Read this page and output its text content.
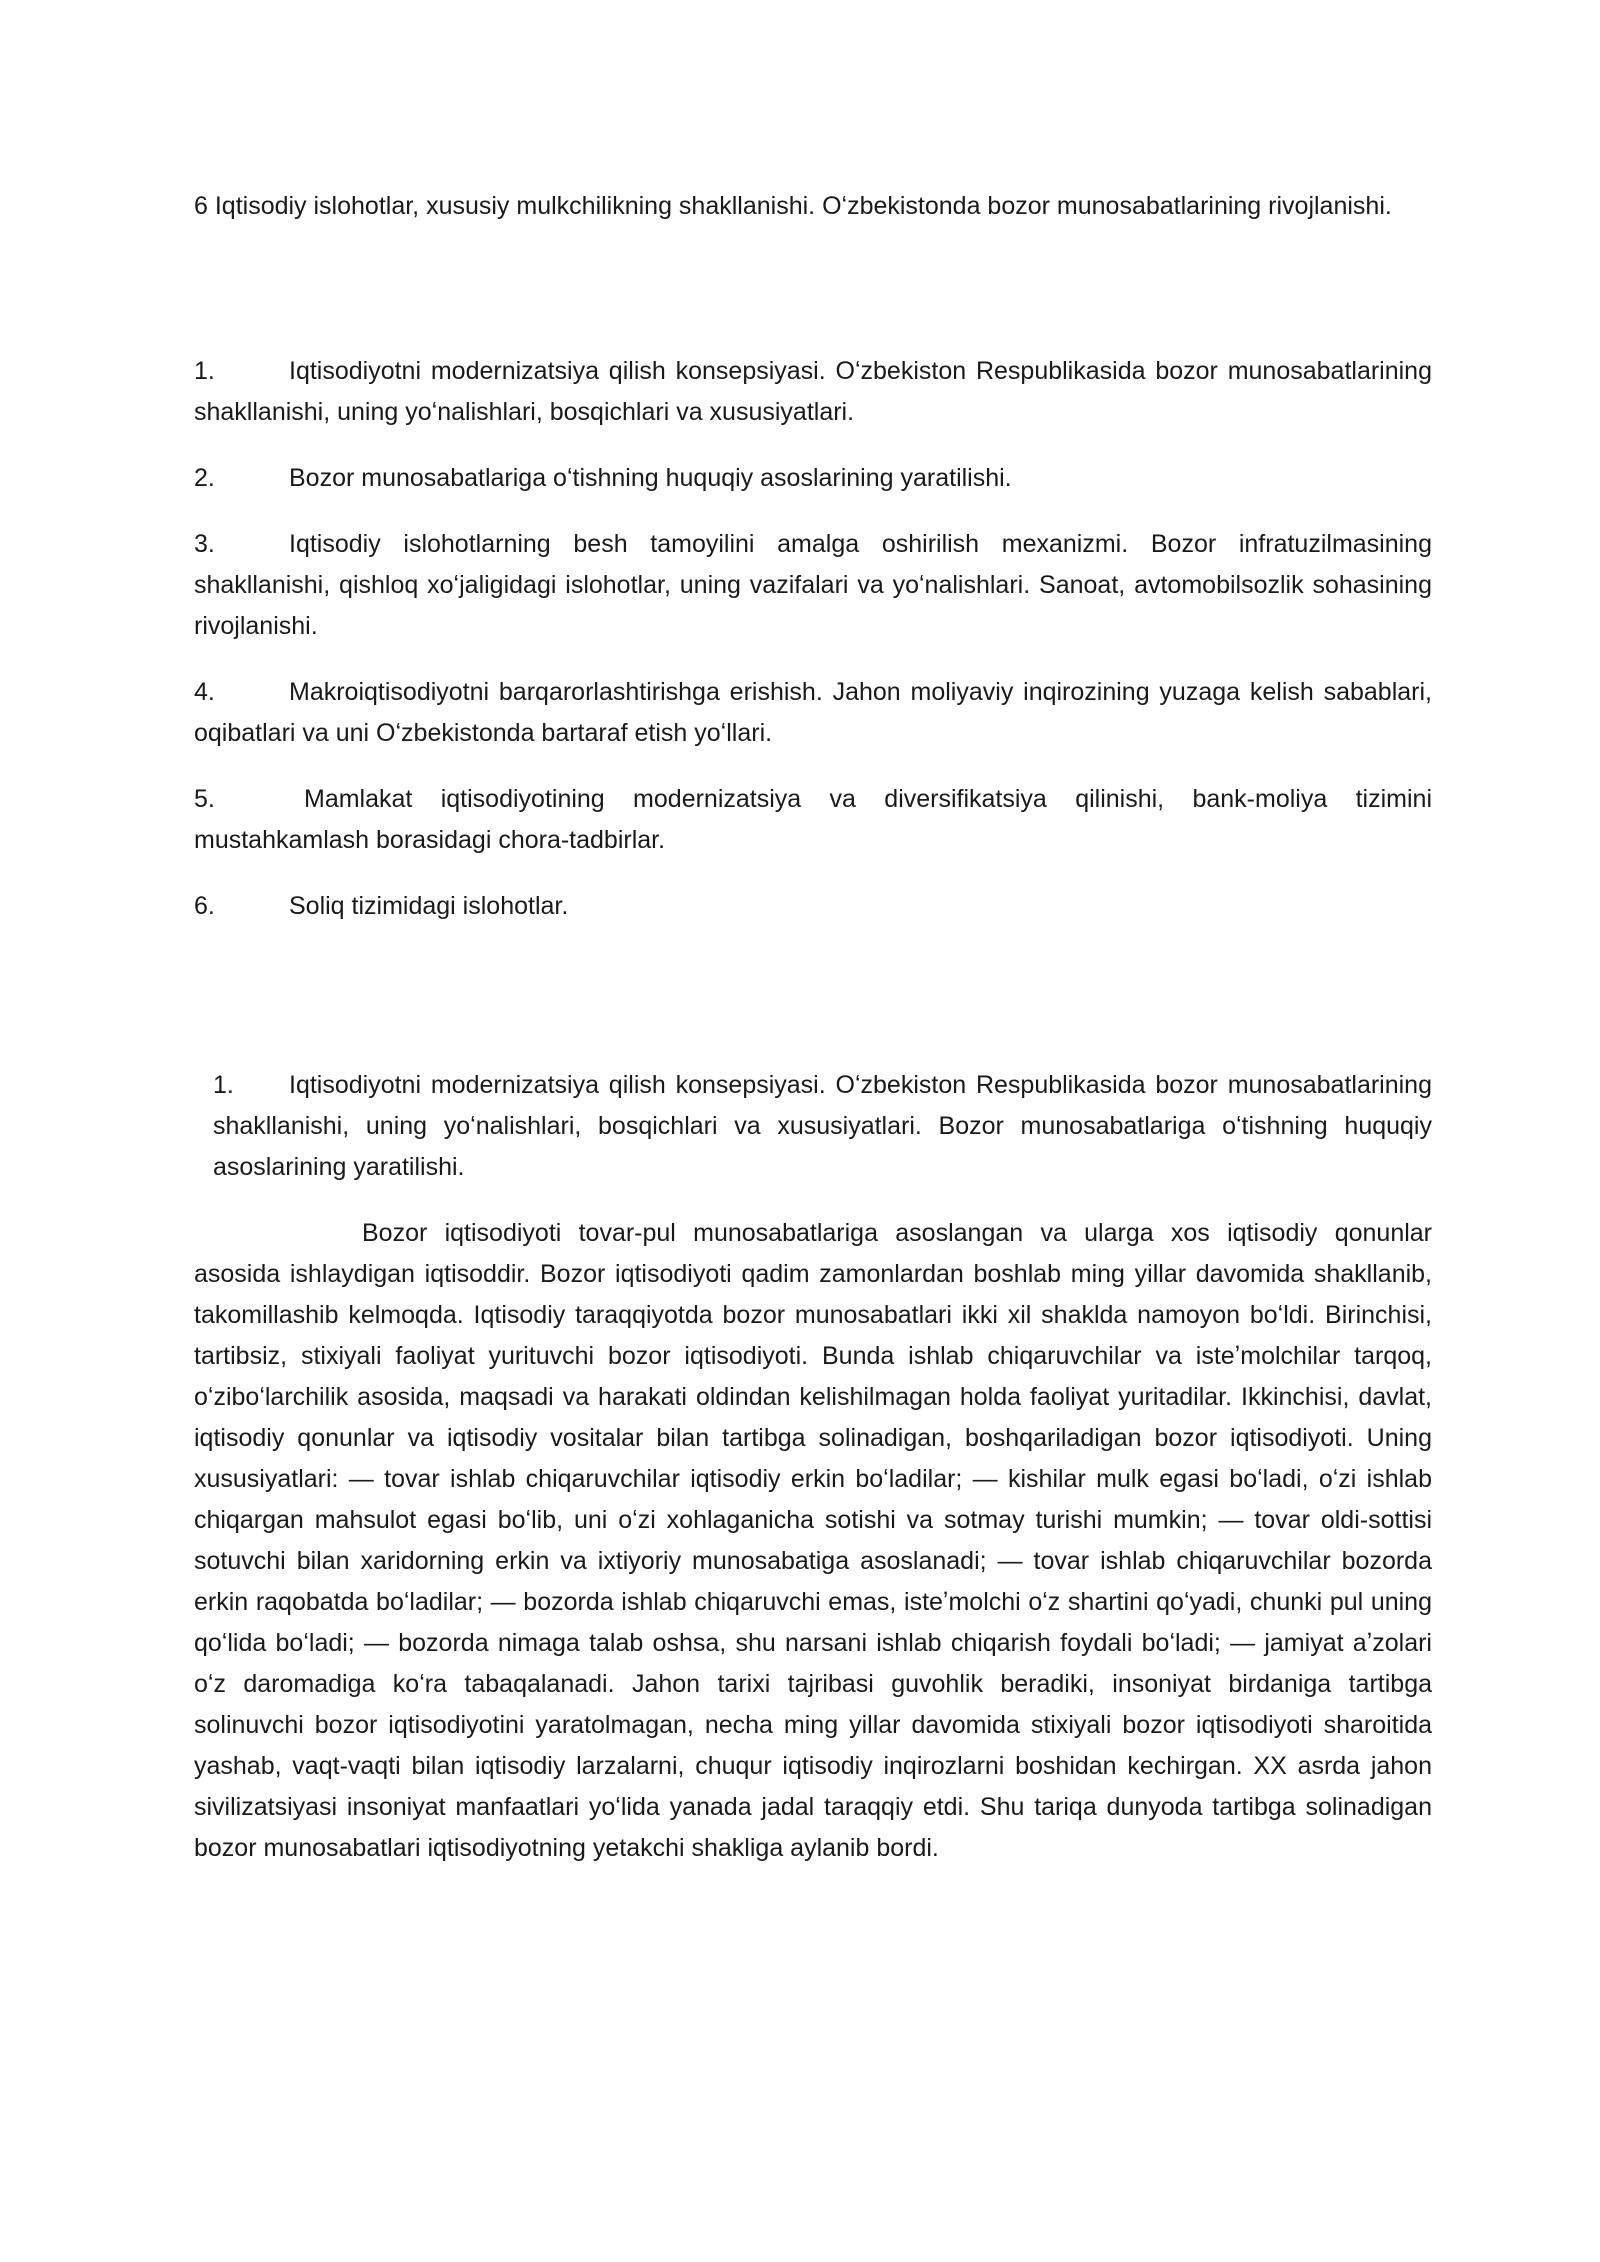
6 Iqtisodiy islohotlar, xususiy mulkchilikning shakllanishi. Oʻzbekistonda bozor munosabatlarining rivojlanishi.

1.	Iqtisodiyotni modernizatsiya qilish konsepsiyasi. Oʻzbekiston Respublikasida bozor munosabatlarining shakllanishi, uning yoʻnalishlari, bosqichlari va xususiyatlari.

2.	Bozor munosabatlariga oʻtishning huquqiy asoslarining yaratilishi.

3.	Iqtisodiy islohotlarning besh tamoyilini amalga oshirilish mexanizmi. Bozor infratuzilmasining shakllanishi, qishloq xoʻjaligidagi islohotlar, uning vazifalari va yoʻnalishlari. Sanoat, avtomobilsozlik sohasining rivojlanishi.

4.	Makroiqtisodiyotni barqarorlashtirishga erishish. Jahon moliyaviy inqirozining yuzaga kelish sabablari, oqibatlari va uni Oʻzbekistonda bartaraf etish yoʻllari.

5.	Mamlakat iqtisodiyotining modernizatsiya va diversifikatsiya qilinishi, bank-moliya tizimini mustahkamlash borasidagi chora-tadbirlar.

6.	Soliq tizimidagi islohotlar.

1. Iqtisodiyotni modernizatsiya qilish konsepsiyasi. Oʻzbekiston Respublikasida bozor munosabatlarining shakllanishi, uning yoʻnalishlari, bosqichlari va xususiyatlari. Bozor munosabatlariga oʻtishning huquqiy asoslarining yaratilishi.

Bozor iqtisodiyoti tovar-pul munosabatlariga asoslangan va ularga xos iqtisodiy qonunlar asosida ishlaydigan iqtisoddir. Bozor iqtisodiyoti qadim zamonlardan boshlab ming yillar davomida shakllanib, takomillashib kelmoqda. Iqtisodiy taraqqiyotda bozor munosabatlari ikki xil shaklda namoyon boʻldi. Birinchisi, tartibsiz, stixiyali faoliyat yurituvchi bozor iqtisodiyoti. Bunda ishlab chiqaruvchilar va isteʼmolchilar tarqoq, oʻziboʻlarchilik asosida, maqsadi va harakati oldindan kelishilmagan holda faoliyat yuritadilar. Ikkinchisi, davlat, iqtisodiy qonunlar va iqtisodiy vositalar bilan tartibga solinadigan, boshqariladigan bozor iqtisodiyoti. Uning xususiyatlari: — tovar ishlab chiqaruvchilar iqtisodiy erkin boʻladilar; — kishilar mulk egasi boʻladi, oʻzi ishlab chiqargan mahsulot egasi boʻlib, uni oʻzi xohlaganicha sotishi va sotmay turishi mumkin; — tovar oldi-sottisi sotuvchi bilan xaridorning erkin va ixtiyoriy munosabatiga asoslanadi; — tovar ishlab chiqaruvchilar bozorda erkin raqobatda boʻladilar; — bozorda ishlab chiqaruvchi emas, isteʼmolchi oʻz shartini qoʻyadi, chunki pul uning qoʻlida boʻladi; — bozorda nimaga talab oshsa, shu narsani ishlab chiqarish foydali boʻladi; — jamiyat aʼzolari oʻz daromadiga koʻra tabaqalanadi. Jahon tarixi tajribasi guvohlik beradiki, insoniyat birdaniga tartibga solinuvchi bozor iqtisodiyotini yaratolmagan, necha ming yillar davomida stixiyali bozor iqtisodiyoti sharoitida yashab, vaqt-vaqti bilan iqtisodiy larzalarni, chuqur iqtisodiy inqirozlarni boshidan kechirgan. XX asrda jahon sivilizatsiyasi insoniyat manfaatlari yoʻlida yanada jadal taraqqiy etdi. Shu tariqa dunyoda tartibga solinadigan bozor munosabatlari iqtisodiyotning yetakchi shakliga aylanib bordi.
